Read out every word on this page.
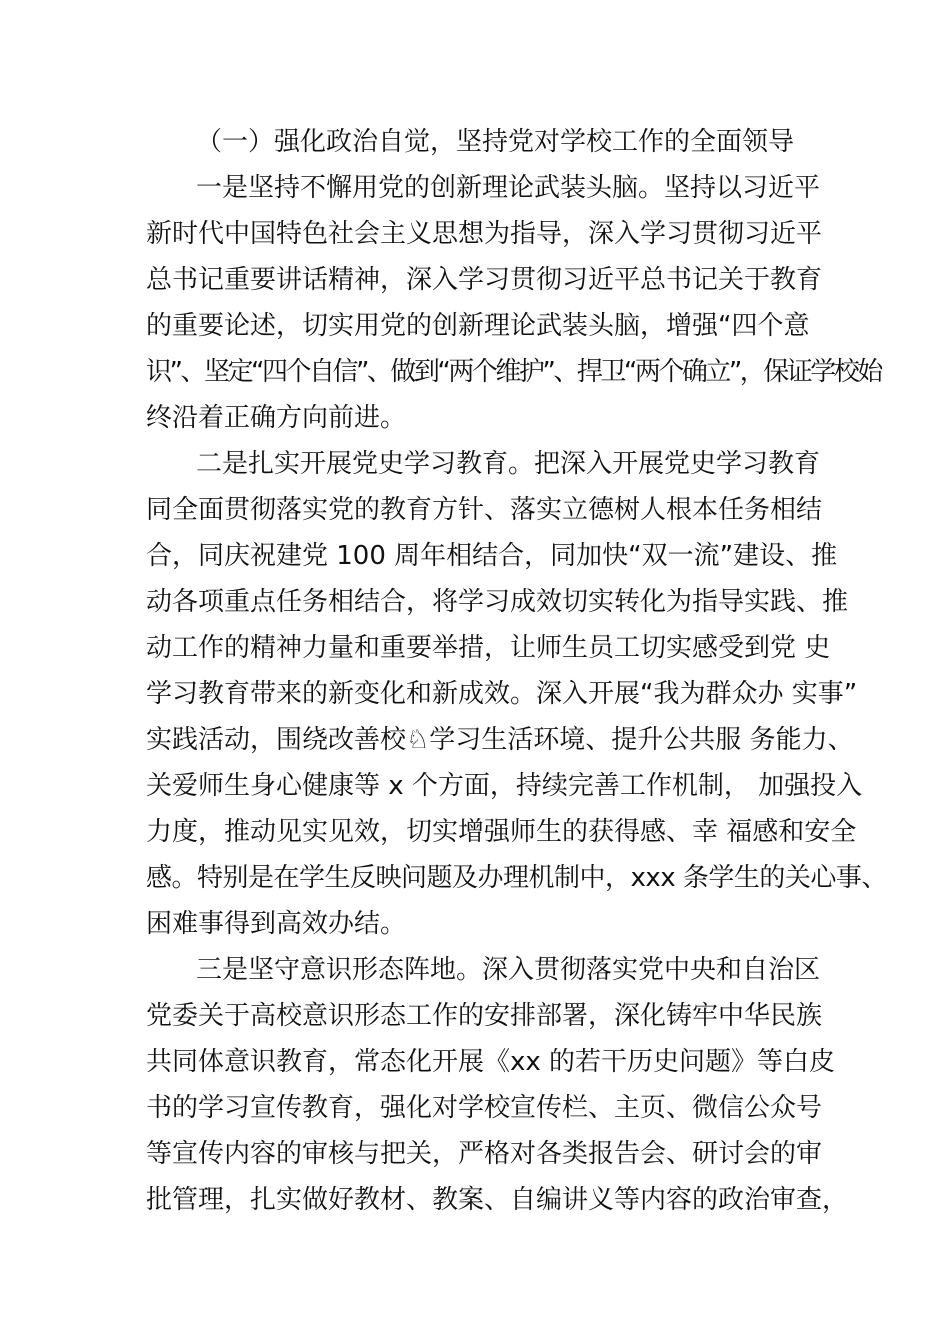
（一）强化政治自觉，坚持党对学校工作的全面领导
一是坚持不懈用党的创新理论武装头脑。坚持以习近平
新时代中国特色社会主义思想为指导，深入学习贯彻习近平
总书记重要讲话精神，深入学习贯彻习近平总书记关于教育
的重要论述，切实用党的创新理论武装头脑，增强“四个意
识”、坚定“四个自信”、做到“两个维护”、捍卫“两个确立”，保证学校始
终沿着正确方向前进。
二是扎实开展党史学习教育。把深入开展党史学习教育
同全面贯彻落实党的教育方针、落实立德树人根本任务相结
合，同庆祝建党 100 周年相结合，同加快“双一流”建设、推
动各项重点任务相结合，将学习成效切实转化为指导实践、推
动工作的精神力量和重要举措，让师生员工切实感受到党 史
学习教育带来的新变化和新成效。深入开展“我为群众办 实事”
实践活动，围绕改善校♘学习生活环境、提升公共服 务能力、
关爱师生身心健康等 x 个方面，持续完善工作机制， 加强投入
力度，推动见实见效，切实增强师生的获得感、幸 福感和安全
感。特别是在学生反映问题及办理机制中，xxx 条学生的关心事、
困难事得到高效办结。
三是坚守意识形态阵地。深入贯彻落实党中央和自治区
党委关于高校意识形态工作的安排部署，深化铸牢中华民族
共同体意识教育，常态化开展《xx 的若干历史问题》等白皮
书的学习宣传教育，强化对学校宣传栏、主页、微信公众号
等宣传内容的审核与把关，严格对各类报告会、研讨会的审
批管理，扎实做好教材、教案、自编讲义等内容的政治审查，
